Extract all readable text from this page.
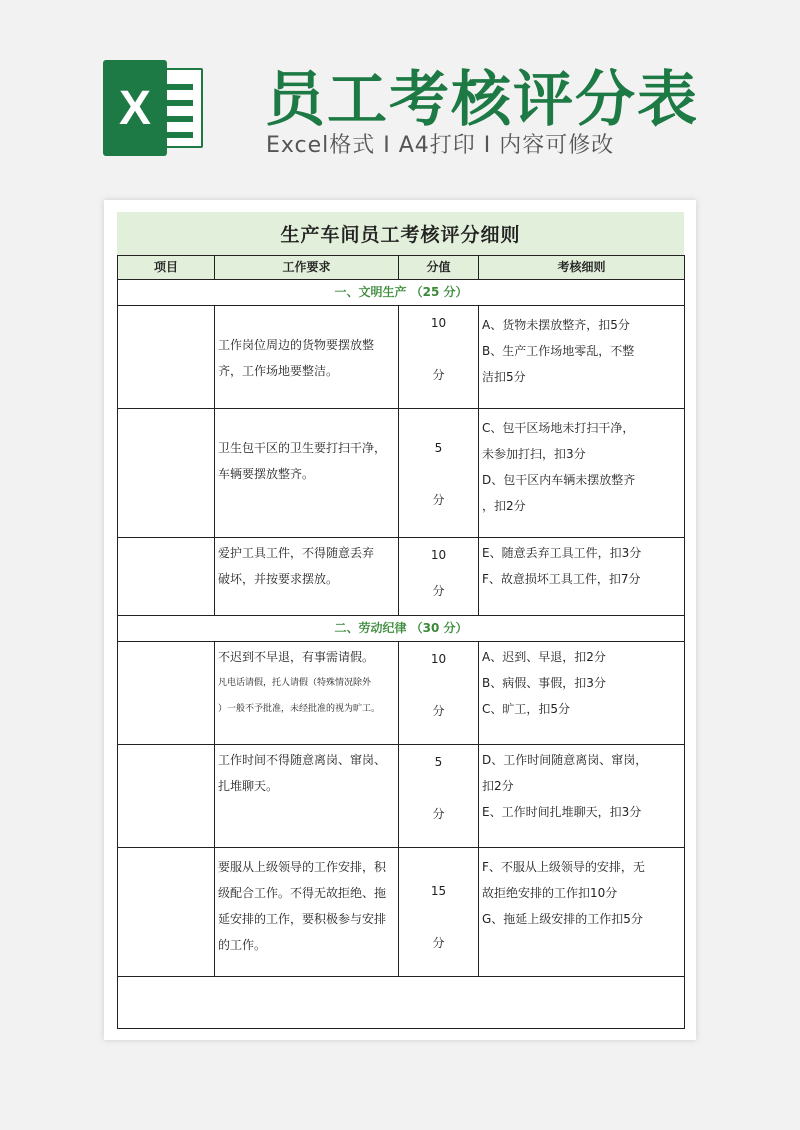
X 员工考核评分表
Excel格式 I A4打印 I 内容可修改
生产车间员工考核评分细则
项目	工作要求	分值	考核细则
一、文明生产 （25 分）			

	工作岗位周边的货物要摆放整
齐，工作场地要整洁。	10
分	A、货物未摆放整齐，扣5分
B、生产工作场地零乱，不整
洁扣5分

	卫生包干区的卫生要打扫干净，
车辆要摆放整齐。	5
分	C、包干区场地未打扫干净，
未参加打扫，扣3分
D、包干区内车辆未摆放整齐
，扣2分

	爱护工具工件，不得随意丢弃
破坏，并按要求摆放。	10
分	E、随意丢弃工具工件，扣3分
F、故意损坏工具工件，扣7分

二、劳动纪律 （30 分）			

	不迟到不早退，有事需请假。
凡电话请假，托人请假（特殊情况除外
）一般不予批准，未经批准的视为旷工。	10
分	A、迟到、早退，扣2分
B、病假、事假，扣3分
C、旷工，扣5分

	工作时间不得随意离岗、窜岗、
扎堆聊天。	5
分	D、工作时间随意离岗、窜岗，
扣2分
E、工作时间扎堆聊天，扣3分

	要服从上级领导的工作安排，积
级配合工作。不得无故拒绝、拖
延安排的工作，要积极参与安排
的工作。	15
分	F、不服从上级领导的安排，无
故拒绝安排的工作扣10分
G、拖延上级安排的工作扣5分
